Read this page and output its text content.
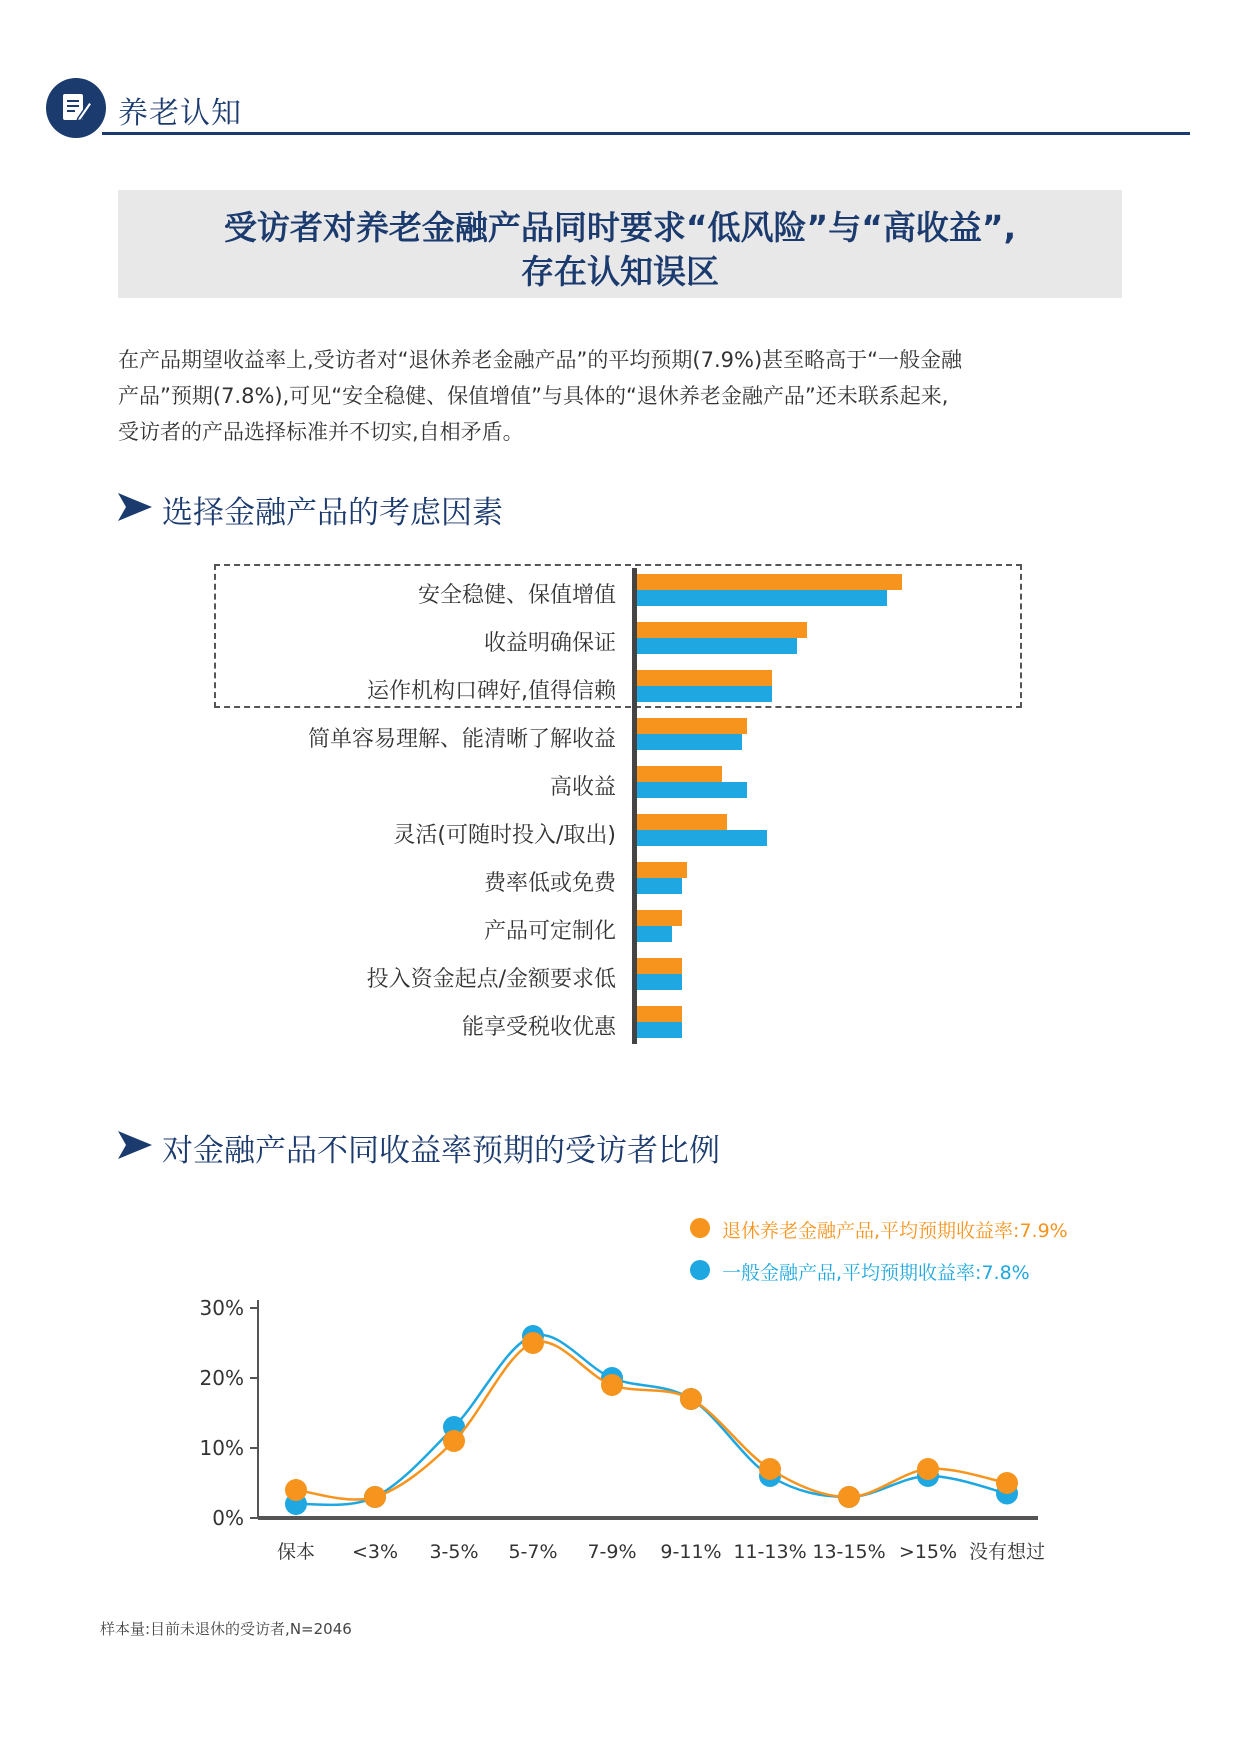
养老认知
受访者对养老金融产品同时要求“低风险”与“高收益”,
存在认知误区

在产品期望收益率上,受访者对“退休养老金融产品”的平均预期(7.9%)甚至略高于“一般金融

产品”预期(7.8%),可见“安全稳健、保值增值”与具体的“退休养老金融产品”还未联系起来,

受访者的产品选择标准并不切实,自相矛盾。

选择金融产品的考虑因素
安全稳健、保值增值
收益明确保证
运作机构口碑好,值得信赖
简单容易理解、能清晰了解收益
高收益
灵活(可随时投入/取出)
费率低或免费
产品可定制化
投入资金起点/金额要求低
能享受税收优惠
对金融产品不同收益率预期的受访者比例
退休养老金融产品,平均预期收益率:7.9%
一般金融产品,平均预期收益率:7.8%
30%
20%
10%
0%
保本 <3% 3-5% 5-7% 7-9% 9-11% 11-13% 13-15% >15% 没有想过
样本量:目前未退休的受访者,N=2046
